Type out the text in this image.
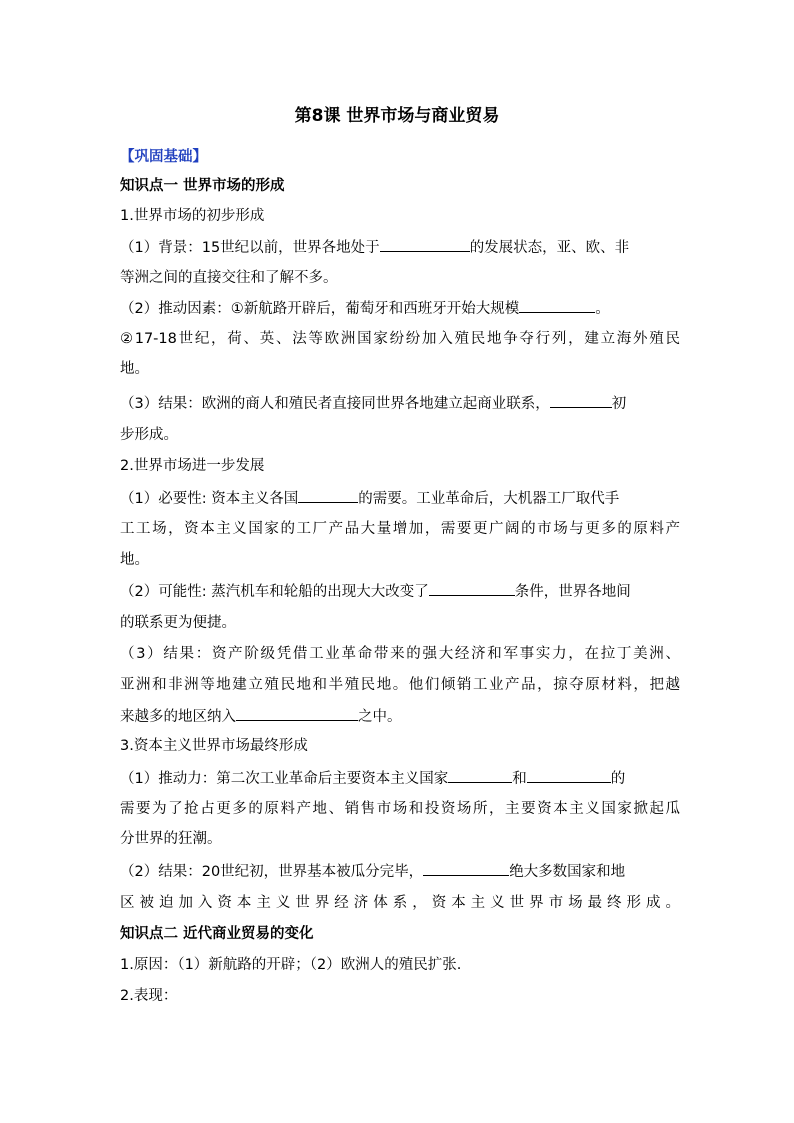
第8课 世界市场与商业贸易
【巩固基础】
知识点一 世界市场的形成
1.世界市场的初步形成
（1）背景：15世纪以前，世界各地处于	的发展状态，亚、欧、非
等洲之间的直接交往和了解不多。
（2）推动因素：①新航路开辟后，葡萄牙和西班牙开始大规模	。
②17-18世纪，荷、英、法等欧洲国家纷纷加入殖民地争夺行列，建立海外殖民
地。
（3）结果：欧洲的商人和殖民者直接同世界各地建立起商业联系，	初
步形成。
2.世界市场进一步发展
（1）必要性: 资本主义各国	的需要。工业革命后，大机器工厂取代手
工工场，资本主义国家的工厂产品大量增加，需要更广阔的市场与更多的原料产
地。
（2）可能性: 蒸汽机车和轮船的出现大大改变了	条件，世界各地间
的联系更为便捷。
（3）结果：资产阶级凭借工业革命带来的强大经济和军事实力，在拉丁美洲、
亚洲和非洲等地建立殖民地和半殖民地。他们倾销工业产品，掠夺原材料，把越
来越多的地区纳入	之中。
3.资本主义世界市场最终形成
（1）推动力：第二次工业革命后主要资本主义国家	和	的
需要为了抢占更多的原料产地、销售市场和投资场所，主要资本主义国家掀起瓜
分世界的狂潮。
（2）结果：20世纪初，世界基本被瓜分完毕，	绝大多数国家和地
区被迫加入资本主义世界经济体系，资本主义世界市场最终形成。
知识点二 近代商业贸易的变化
1.原因：（1）新航路的开辟；（2）欧洲人的殖民扩张.
2.表现：
